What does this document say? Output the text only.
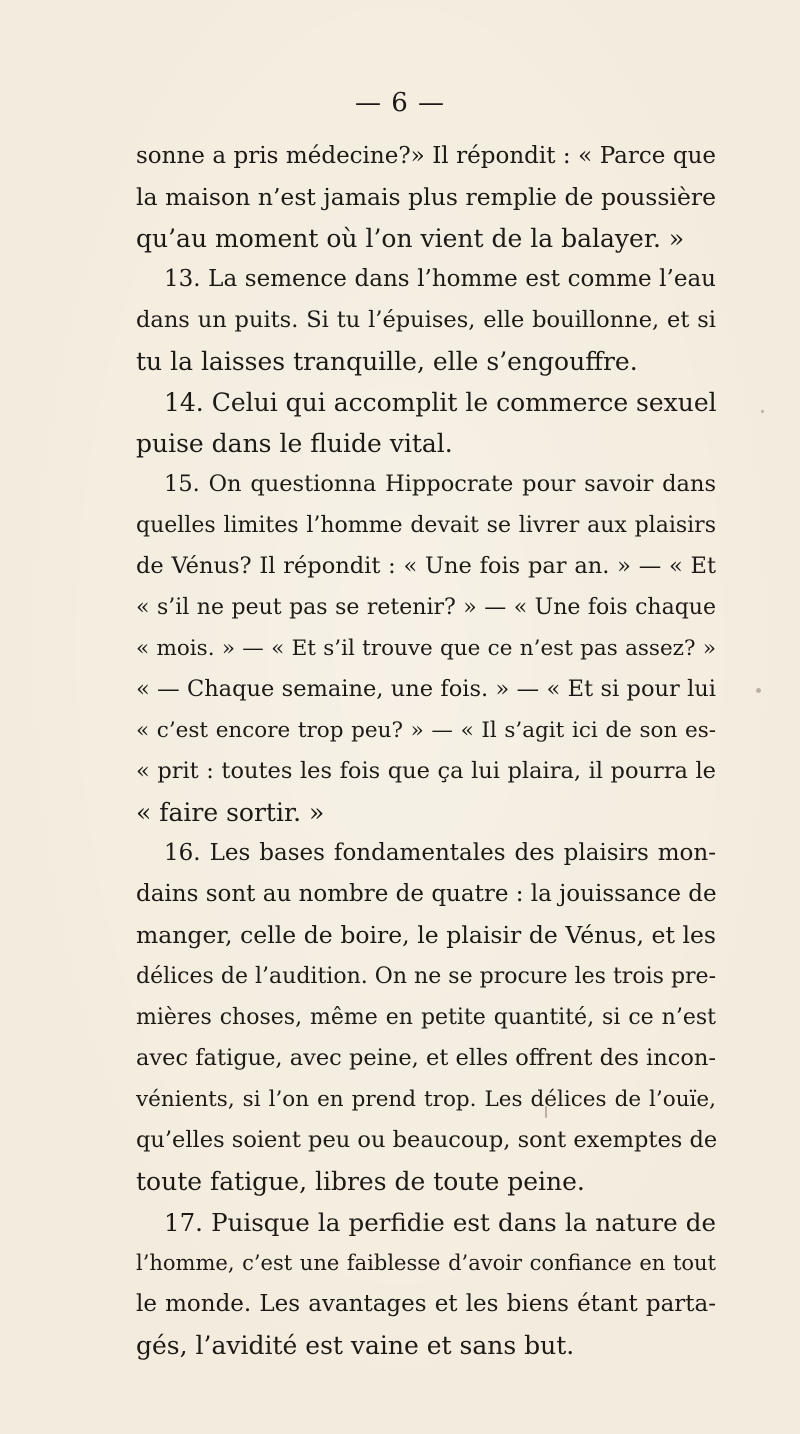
— 6 —
sonne a pris médecine?» Il répondit : « Parce que
la maison n’est jamais plus remplie de poussière
qu’au moment où l’on vient de la balayer. »
13. La semence dans l’homme est comme l’eau
dans un puits. Si tu l’épuises, elle bouillonne, et si
tu la laisses tranquille, elle s’engouffre.
14. Celui qui accomplit le commerce sexuel
puise dans le fluide vital.
15. On questionna Hippocrate pour savoir dans
quelles limites l’homme devait se livrer aux plaisirs
de Vénus? Il répondit : « Une fois par an. » — « Et
« s’il ne peut pas se retenir? » — « Une fois chaque
« mois. » — « Et s’il trouve que ce n’est pas assez? »
« — Chaque semaine, une fois. » — « Et si pour lui
« c’est encore trop peu? » — « Il s’agit ici de son es-
« prit : toutes les fois que ça lui plaira, il pourra le
« faire sortir. »
16. Les bases fondamentales des plaisirs mon-
dains sont au nombre de quatre : la jouissance de
manger, celle de boire, le plaisir de Vénus, et les
délices de l’audition. On ne se procure les trois pre-
mières choses, même en petite quantité, si ce n’est
avec fatigue, avec peine, et elles offrent des incon-
vénients, si l’on en prend trop. Les délices de l’ouïe,
qu’elles soient peu ou beaucoup, sont exemptes de
toute fatigue, libres de toute peine.
17. Puisque la perfidie est dans la nature de
l’homme, c’est une faiblesse d’avoir confiance en tout
le monde. Les avantages et les biens étant parta-
gés, l’avidité est vaine et sans but.
